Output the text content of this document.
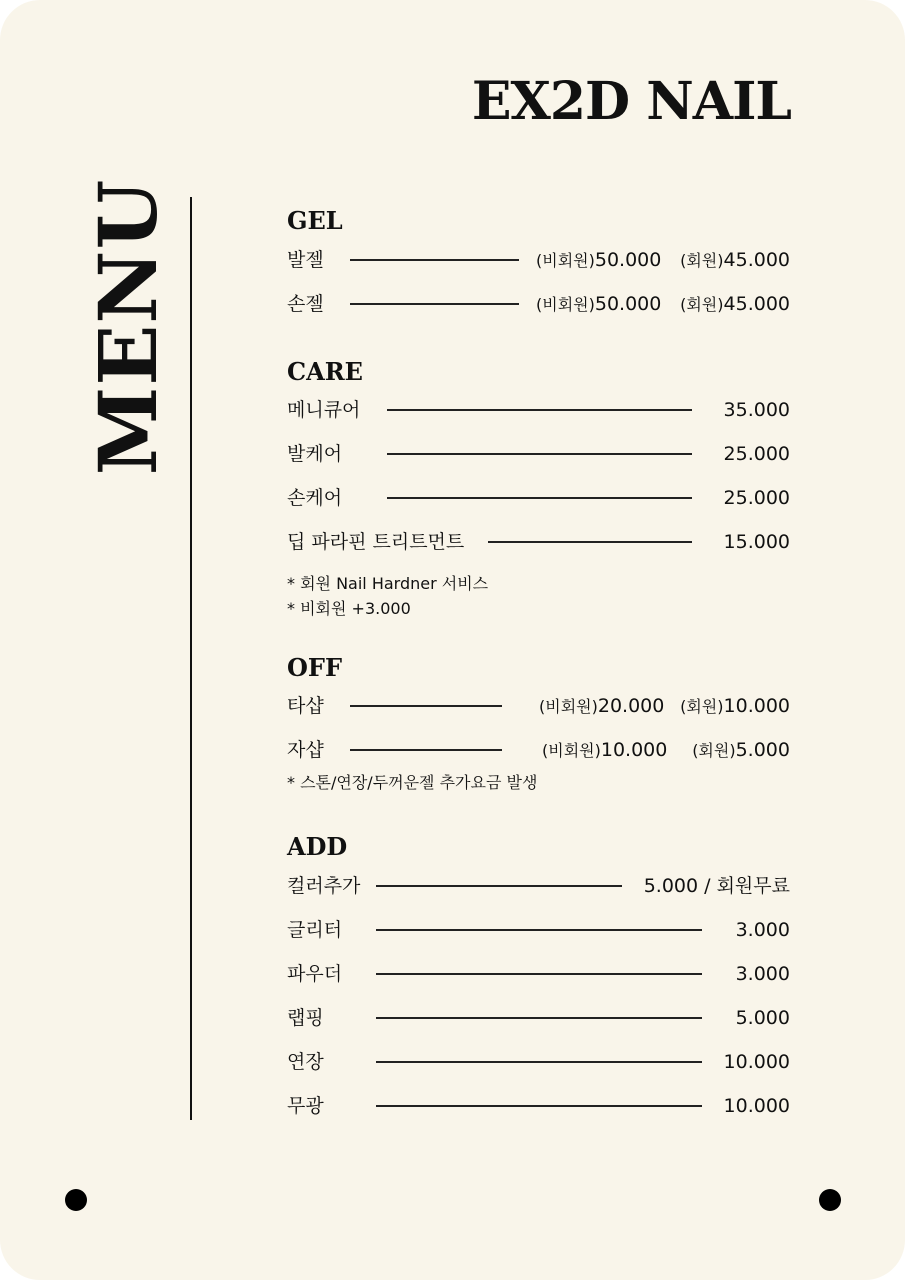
EX2D NAIL
MENU	GEL
발젤	(비회원)50.000 (회원)45.000
손젤	(비회원)50.000 (회원)45.000
CARE
메니큐어	35.000
발케어	25.000
손케어	25.000
딥 파라핀 트리트먼트	15.000
* 회원 Nail Hardner 서비스
* 비회원 +3.000
OFF
타샵	(비회원)20.000 (회원)10.000
자샵	(비회원)10.000 (회원)5.000
* 스톤/연장/두꺼운젤 추가요금 발생
ADD
컬러추가	5.000 / 회원무료
글리터	3.000
파우더	3.000
랩핑	5.000
연장	10.000
무광	10.000
